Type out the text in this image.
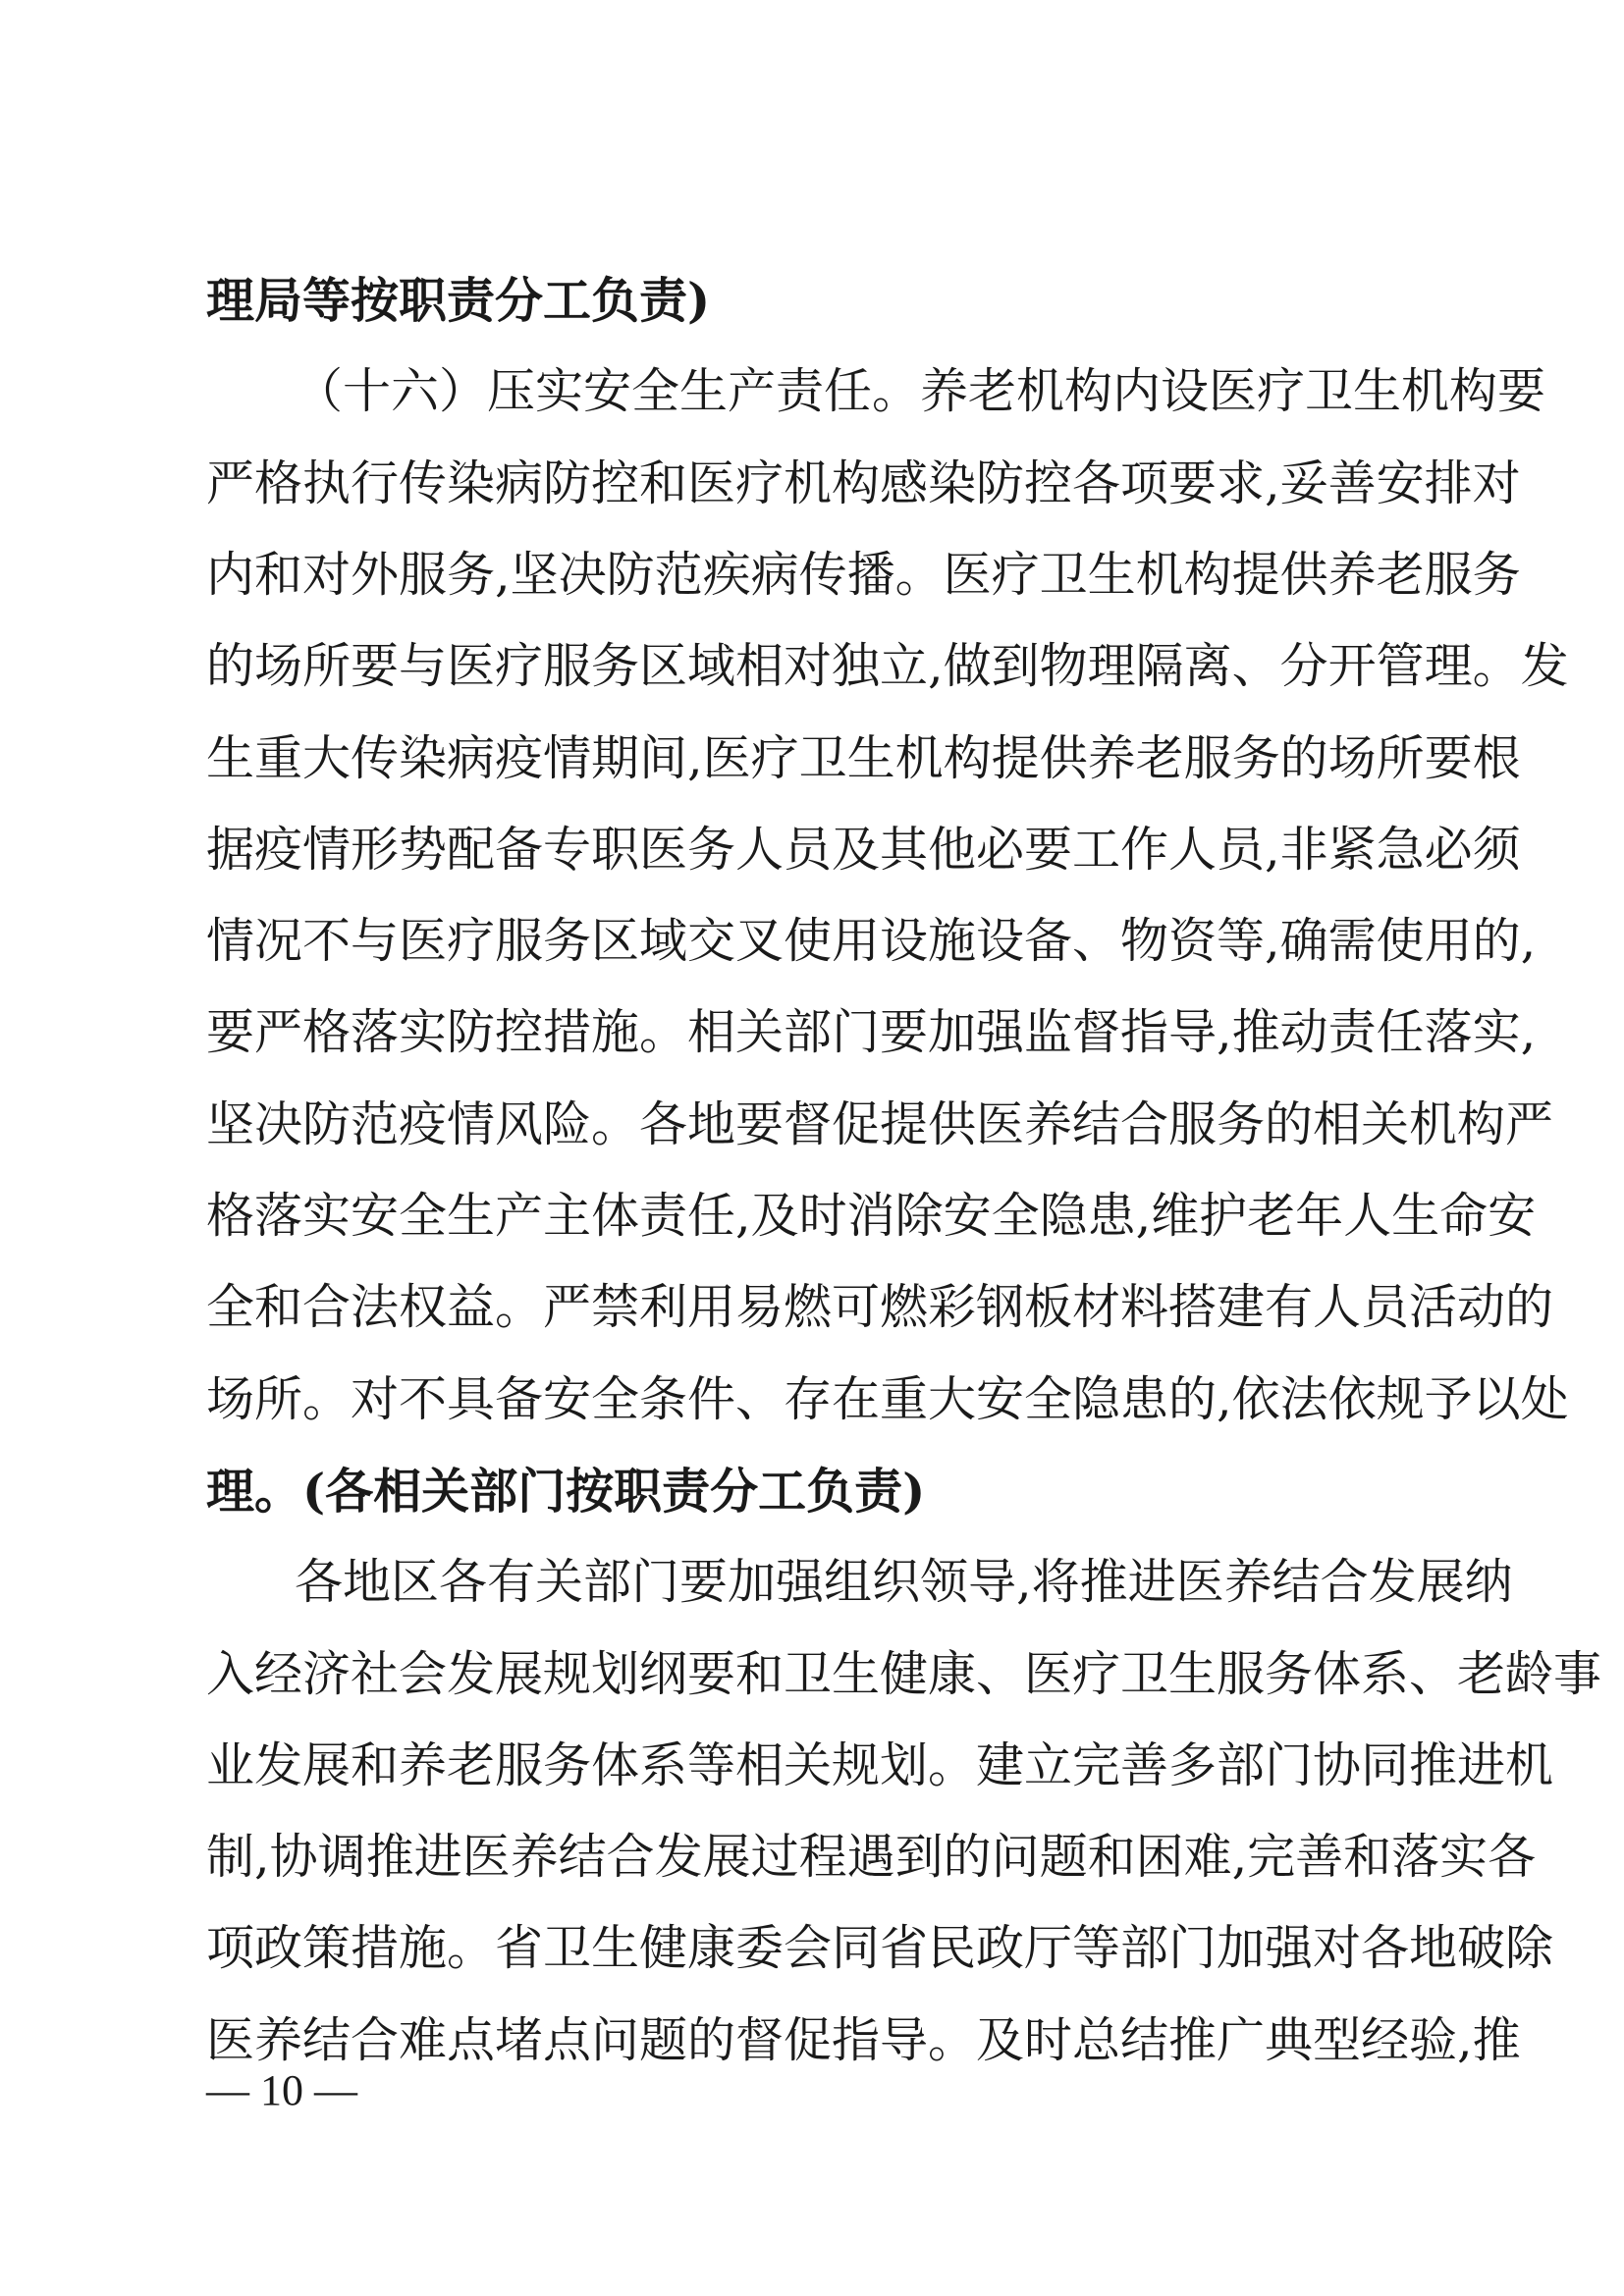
理局等按职责分工负责)
（十六）压实安全生产责任。养老机构内设医疗卫生机构要
严格执行传染病防控和医疗机构感染防控各项要求,妥善安排对
内和对外服务,坚决防范疾病传播。医疗卫生机构提供养老服务
的场所要与医疗服务区域相对独立,做到物理隔离、分开管理。发
生重大传染病疫情期间,医疗卫生机构提供养老服务的场所要根
据疫情形势配备专职医务人员及其他必要工作人员,非紧急必须
情况不与医疗服务区域交叉使用设施设备、物资等,确需使用的,
要严格落实防控措施。相关部门要加强监督指导,推动责任落实,
坚决防范疫情风险。各地要督促提供医养结合服务的相关机构严
格落实安全生产主体责任,及时消除安全隐患,维护老年人生命安
全和合法权益。严禁利用易燃可燃彩钢板材料搭建有人员活动的
场所。对不具备安全条件、存在重大安全隐患的,依法依规予以处
理。(各相关部门按职责分工负责)
各地区各有关部门要加强组织领导,将推进医养结合发展纳
入经济社会发展规划纲要和卫生健康、医疗卫生服务体系、老龄事
业发展和养老服务体系等相关规划。建立完善多部门协同推进机
制,协调推进医养结合发展过程遇到的问题和困难,完善和落实各
项政策措施。省卫生健康委会同省民政厅等部门加强对各地破除
医养结合难点堵点问题的督促指导。及时总结推广典型经验,推
— 10 —
